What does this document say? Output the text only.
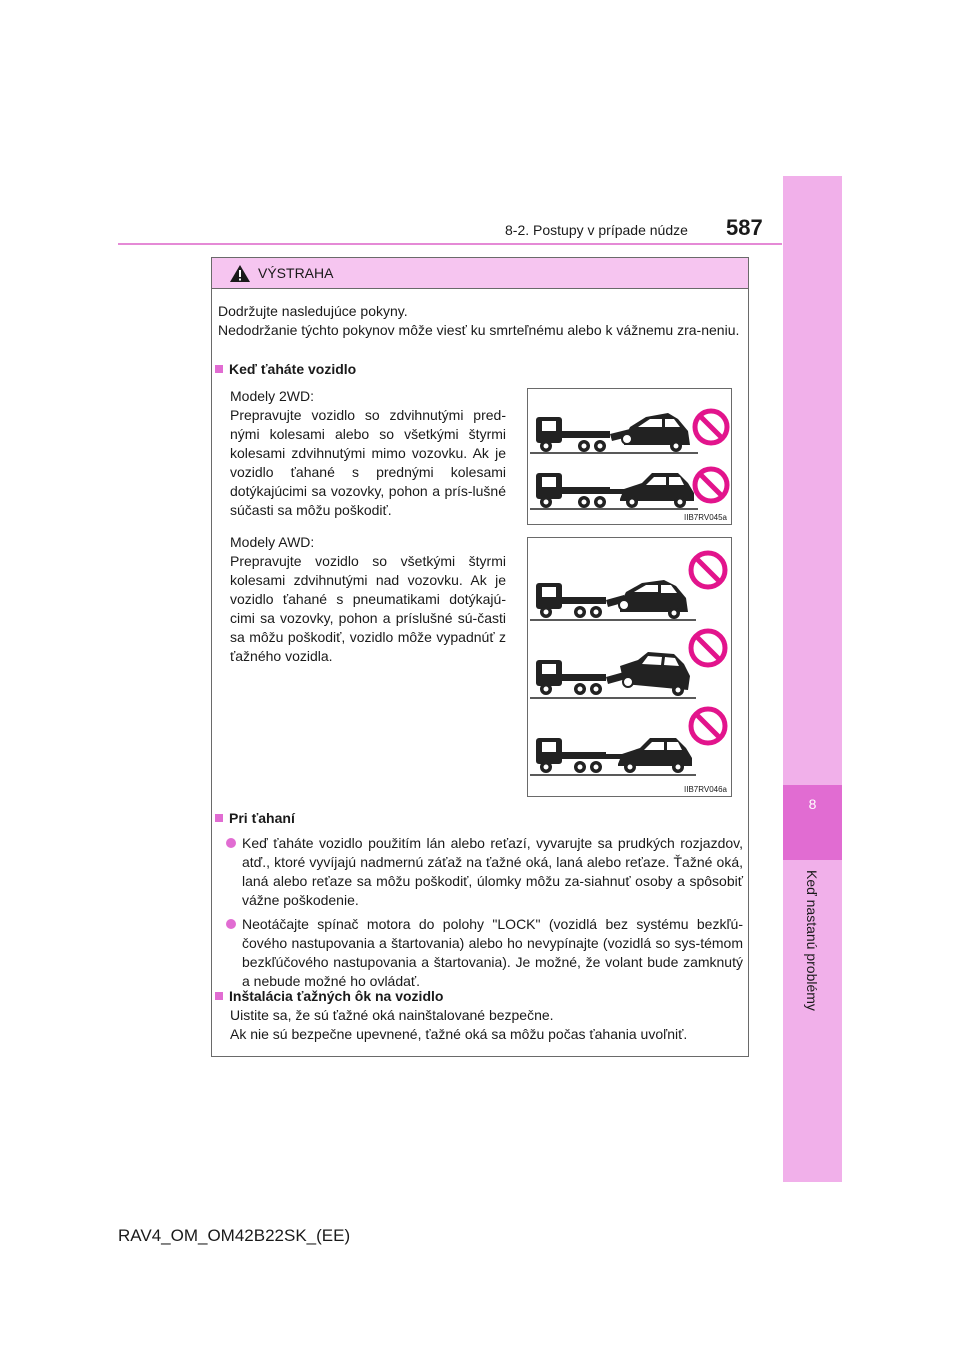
8-2. Postupy v prípade núdze 587
8
Keď nastanú problémy
VÝSTRAHA
Dodržujte nasledujúce pokyny.
Nedodržanie týchto pokynov môže viesť ku smrteľnému alebo k vážnemu zra-neniu.
Keď ťaháte vozidlo
Modely 2WD:
Prepravujte vozidlo so zdvihnutými pred-nými kolesami alebo so všetkými štyrmi kolesami zdvihnutými mimo vozovku. Ak je vozidlo ťahané s prednými kolesami dotýkajúcimi sa vozovky, pohon a prís-lušné súčasti sa môžu poškodiť.	IIB7RV045a
Modely AWD:
Prepravujte vozidlo so všetkými štyrmi kolesami zdvihnutými nad vozovku. Ak je vozidlo ťahané s pneumatikami dotýkajú-cimi sa vozovky, pohon a príslušné sú-časti sa môžu poškodiť, vozidlo môže vypadnúť z ťažného vozidla.
IIB7RV046a
Pri ťahaní
Keď ťaháte vozidlo použitím lán alebo reťazí, vyvarujte sa prudkých rozjazdov, atď., ktoré vyvíjajú nadmernú záťaž na ťažné oká, laná alebo reťaze. Ťažné oká, laná alebo reťaze sa môžu poškodiť, úlomky môžu za-siahnuť osoby a spôsobiť vážne poškodenie.
Neotáčajte spínač motora do polohy "LOCK" (vozidlá bez systému bezkľú-čového nastupovania a štartovania) alebo ho nevypínajte (vozidlá so sys-témom bezkľúčového nastupovania a štartovania). Je možné, že volant bude zamknutý a nebude možné ho ovládať.
Inštalácia ťažných ôk na vozidlo
Uistite sa, že sú ťažné oká nainštalované bezpečne.
Ak nie sú bezpečne upevnené, ťažné oká sa môžu počas ťahania uvoľniť.
RAV4_OM_OM42B22SK_(EE)
